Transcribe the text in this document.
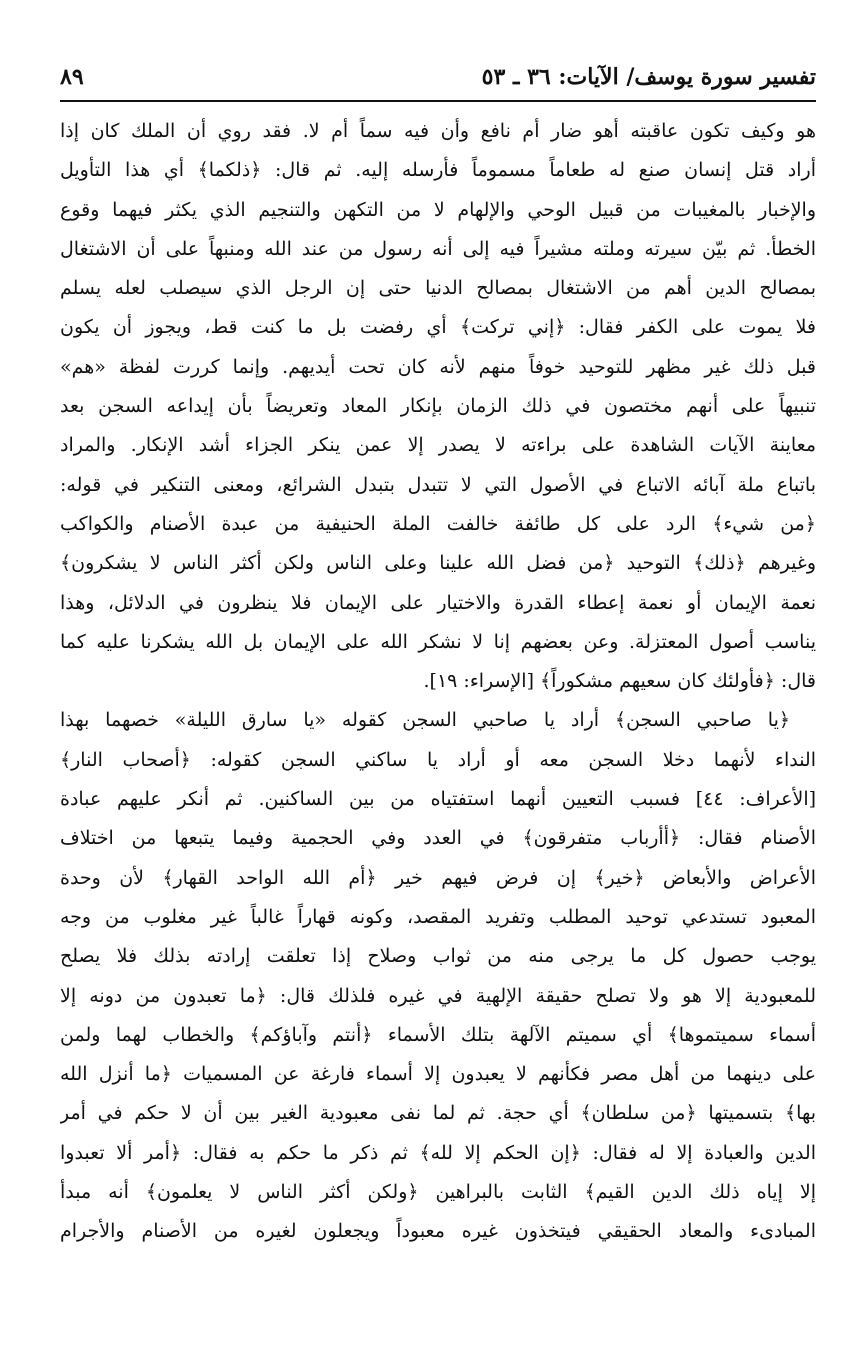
تفسير سورة يوسف/ الآيات: ٣٦ ـ ٥٣
٨٩
هو وكيف تكون عاقبته أهو ضار أم نافع وأن فيه سماً أم لا. فقد روي أن الملك كان إذا
أراد قتل إنسان صنع له طعاماً مسموماً فأرسله إليه. ثم قال: ﴿ذلكما﴾ أي هذا التأويل
والإخبار بالمغيبات من قبيل الوحي والإلهام لا من التكهن والتنجيم الذي يكثر فيهما وقوع
الخطأ. ثم بيّن سيرته وملته مشيراً فيه إلى أنه رسول من عند الله ومنبهاً على أن الاشتغال
بمصالح الدين أهم من الاشتغال بمصالح الدنيا حتى إن الرجل الذي سيصلب لعله يسلم
فلا يموت على الكفر فقال: ﴿إني تركت﴾ أي رفضت بل ما كنت قط، ويجوز أن يكون
قبل ذلك غير مظهر للتوحيد خوفاً منهم لأنه كان تحت أيديهم. وإنما كررت لفظة «هم»
تنبيهاً على أنهم مختصون في ذلك الزمان بإنكار المعاد وتعريضاً بأن إيداعه السجن بعد
معاينة الآيات الشاهدة على براءته لا يصدر إلا عمن ينكر الجزاء أشد الإنكار. والمراد
باتباع ملة آبائه الاتباع في الأصول التي لا تتبدل بتبدل الشرائع، ومعنى التنكير في قوله:
﴿من شيء﴾ الرد على كل طائفة خالفت الملة الحنيفية من عبدة الأصنام والكواكب
وغيرهم ﴿ذلك﴾ التوحيد ﴿من فضل الله علينا وعلى الناس ولكن أكثر الناس لا يشكرون﴾
نعمة الإيمان أو نعمة إعطاء القدرة والاختيار على الإيمان فلا ينظرون في الدلائل، وهذا
يناسب أصول المعتزلة. وعن بعضهم إنا لا نشكر الله على الإيمان بل الله يشكرنا عليه كما
قال: ﴿فأولئك كان سعيهم مشكوراً﴾ [الإسراء: ١٩].
﴿يا صاحبي السجن﴾ أراد يا صاحبي السجن كقوله «يا سارق الليلة» خصهما بهذا
النداء لأنهما دخلا السجن معه أو أراد يا ساكني السجن كقوله: ﴿أصحاب النار﴾
[الأعراف: ٤٤] فسبب التعيين أنهما استفتياه من بين الساكنين. ثم أنكر عليهم عبادة
الأصنام فقال: ﴿أأرباب متفرقون﴾ في العدد وفي الحجمية وفيما يتبعها من اختلاف
الأعراض والأبعاض ﴿خير﴾ إن فرض فيهم خير ﴿أم الله الواحد القهار﴾ لأن وحدة
المعبود تستدعي توحيد المطلب وتفريد المقصد، وكونه قهاراً غالباً غير مغلوب من وجه
يوجب حصول كل ما يرجى منه من ثواب وصلاح إذا تعلقت إرادته بذلك فلا يصلح
للمعبودية إلا هو ولا تصلح حقيقة الإلهية في غيره فلذلك قال: ﴿ما تعبدون من دونه إلا
أسماء سميتموها﴾ أي سميتم الآلهة بتلك الأسماء ﴿أنتم وآباؤكم﴾ والخطاب لهما ولمن
على دينهما من أهل مصر فكأنهم لا يعبدون إلا أسماء فارغة عن المسميات ﴿ما أنزل الله
بها﴾ بتسميتها ﴿من سلطان﴾ أي حجة. ثم لما نفى معبودية الغير بين أن لا حكم في أمر
الدين والعبادة إلا له فقال: ﴿إن الحكم إلا لله﴾ ثم ذكر ما حكم به فقال: ﴿أمر ألا تعبدوا
إلا إياه ذلك الدين القيم﴾ الثابت بالبراهين ﴿ولكن أكثر الناس لا يعلمون﴾ أنه مبدأ
المبادىء والمعاد الحقيقي فيتخذون غيره معبوداً ويجعلون لغيره من الأصنام والأجرام
